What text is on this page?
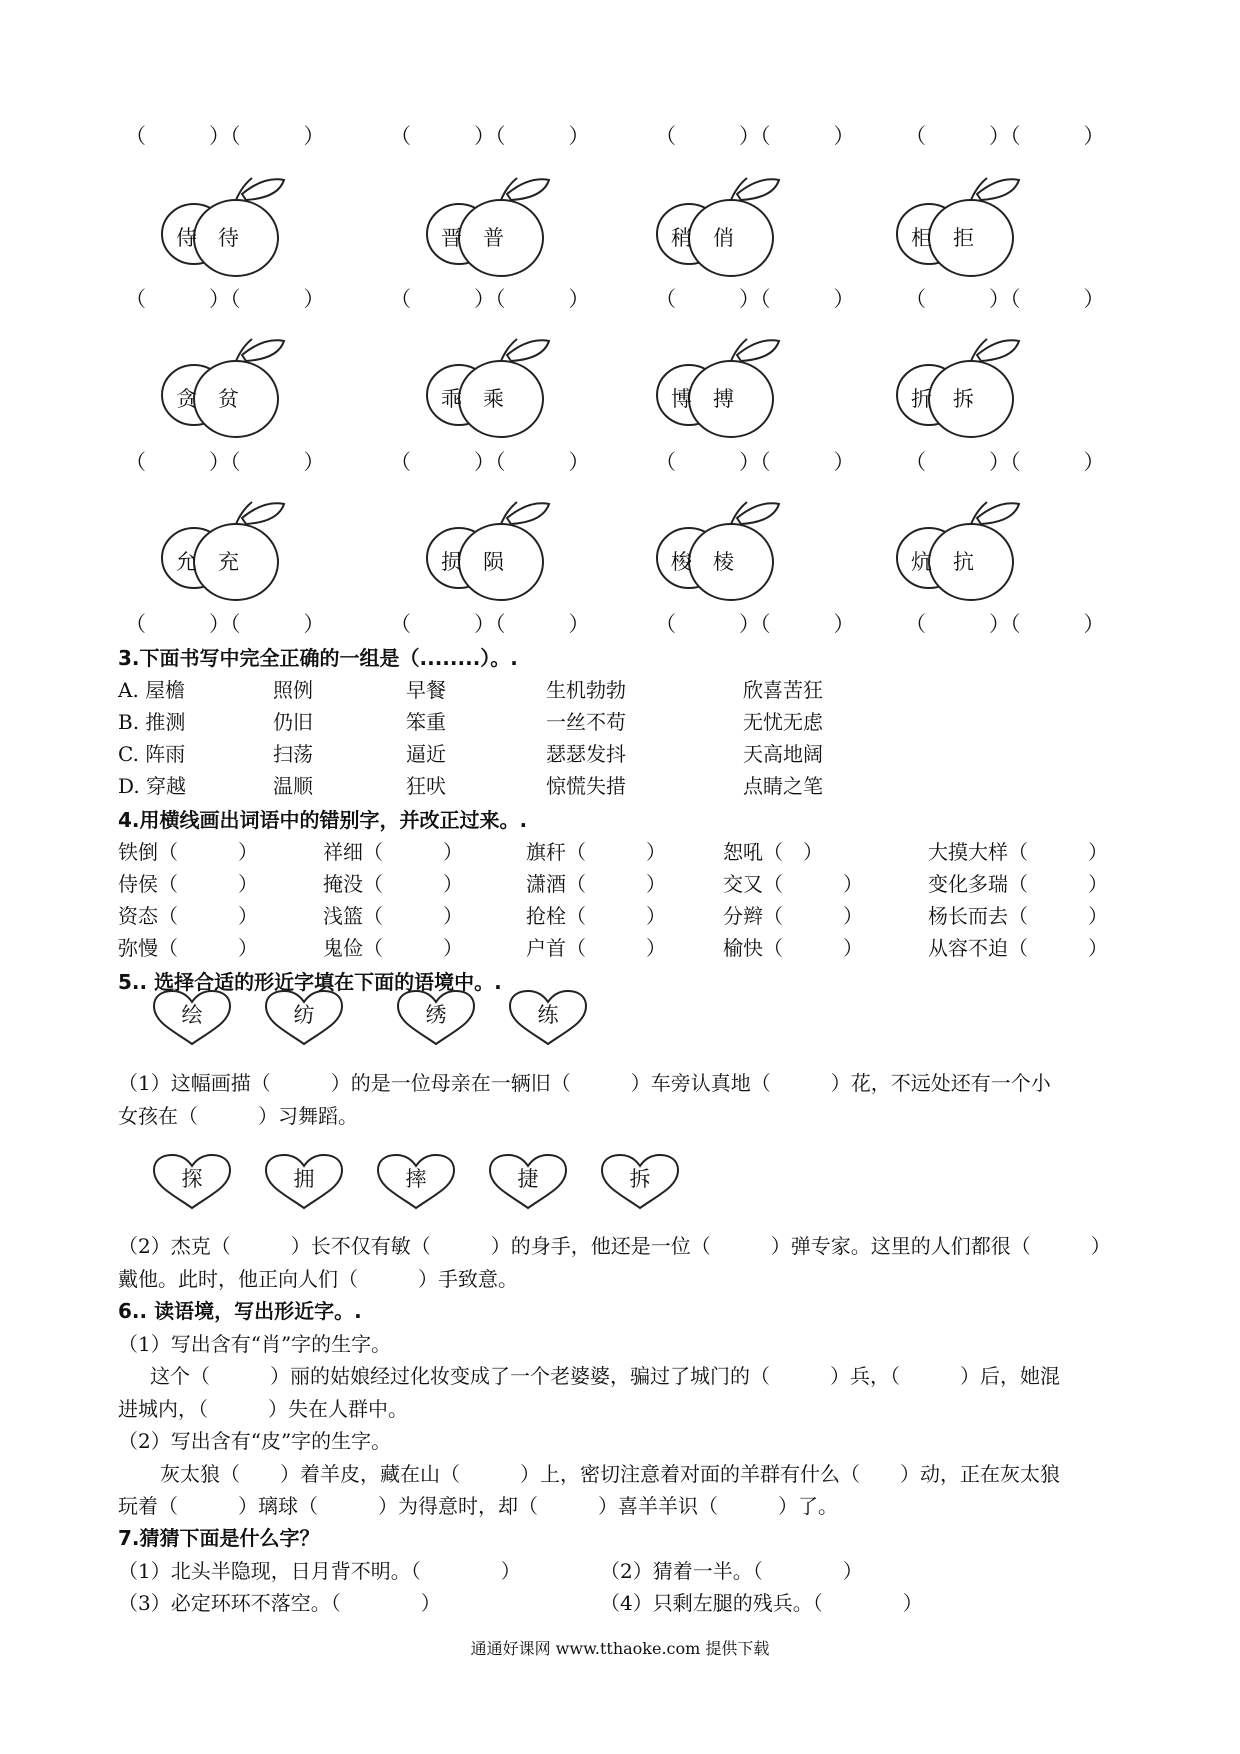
（　　　）（　　　）	（　　　）（　　　）	（　　　）（　　　） （　　　）（　　　）
侍 待	晋 普	稍 俏	柜 拒
（　　　）（　　　）	（　　　）（　　　）	（　　　）（　　　） （　　　）（　　　）
贪 贫	乖 乘	博 搏	折 拆
（　　　）（　　　）	（　　　）（　　　）	（　　　）（　　　） （　　　）（　　　）
允 充	损 陨	梭 棱	炕 抗
（　　　）（　　　）	（　　　）（　　　）	（　　　）（　　　） （　　　）（　　　）
3.下面书写中完全正确的一组是（........）。.
A. 屋檐	照例	早餐	生机勃勃	欣喜苦狂
B. 推测	仍旧	笨重	一丝不苟	无忧无虑
C. 阵雨	扫荡	逼近	瑟瑟发抖	天高地阔
D. 穿越	温顺	狂吠	惊慌失措	点睛之笔
4.用横线画出词语中的错别字，并改正过来。.
铁倒（　　　）	祥细（　　　）	旗秆（　　　）	恕吼（　）	大摸大样（　　　）
侍侯（　　　）	掩没（　　　）	潇酒（　　　）	交又（　　　）	变化多瑞（　　　）
资态（　　　）	浅篮（　　　）	抢栓（　　　）	分辫（　　　）	杨长而去（　　　）
弥慢（　　　）	鬼俭（　　　）	户首（　　　）	榆快（　　　）	从容不迫（　　　）
5.. 选择合适的形近字填在下面的语境中。.
绘	纺	绣	练
（1）这幅画描（　　　）的是一位母亲在一辆旧（　　　）车旁认真地（　　　）花，不远处还有一个小
女孩在（　　　）习舞蹈。
探	拥	摔	捷	拆
（2）杰克（　　　）长不仅有敏（　　　）的身手，他还是一位（　　　）弹专家。这里的人们都很（　　　）
戴他。此时，他正向人们（　　　）手致意。
6.. 读语境，写出形近字。.
（1）写出含有“肖”字的生字。
这个（　　　）丽的姑娘经过化妆变成了一个老婆婆，骗过了城门的（　　　）兵，（　　　）后，她混
进城内，（　　　）失在人群中。
（2）写出含有“皮”字的生字。
灰太狼（　　）着羊皮，藏在山（　　　）上，密切注意着对面的羊群有什么（　　）动，正在灰太狼
玩着（　　　）璃球（　　　）为得意时，却（　　　）喜羊羊识（　　　）了。
7.猜猜下面是什么字？
（1）北头半隐现，日月背不明。（　　　　）	（2）猜着一半。（　　　　）
（3）必定环环不落空。（　　　　）	（4）只剩左腿的残兵。（　　　　）
通通好课网 www.tthaoke.com 提供下载
